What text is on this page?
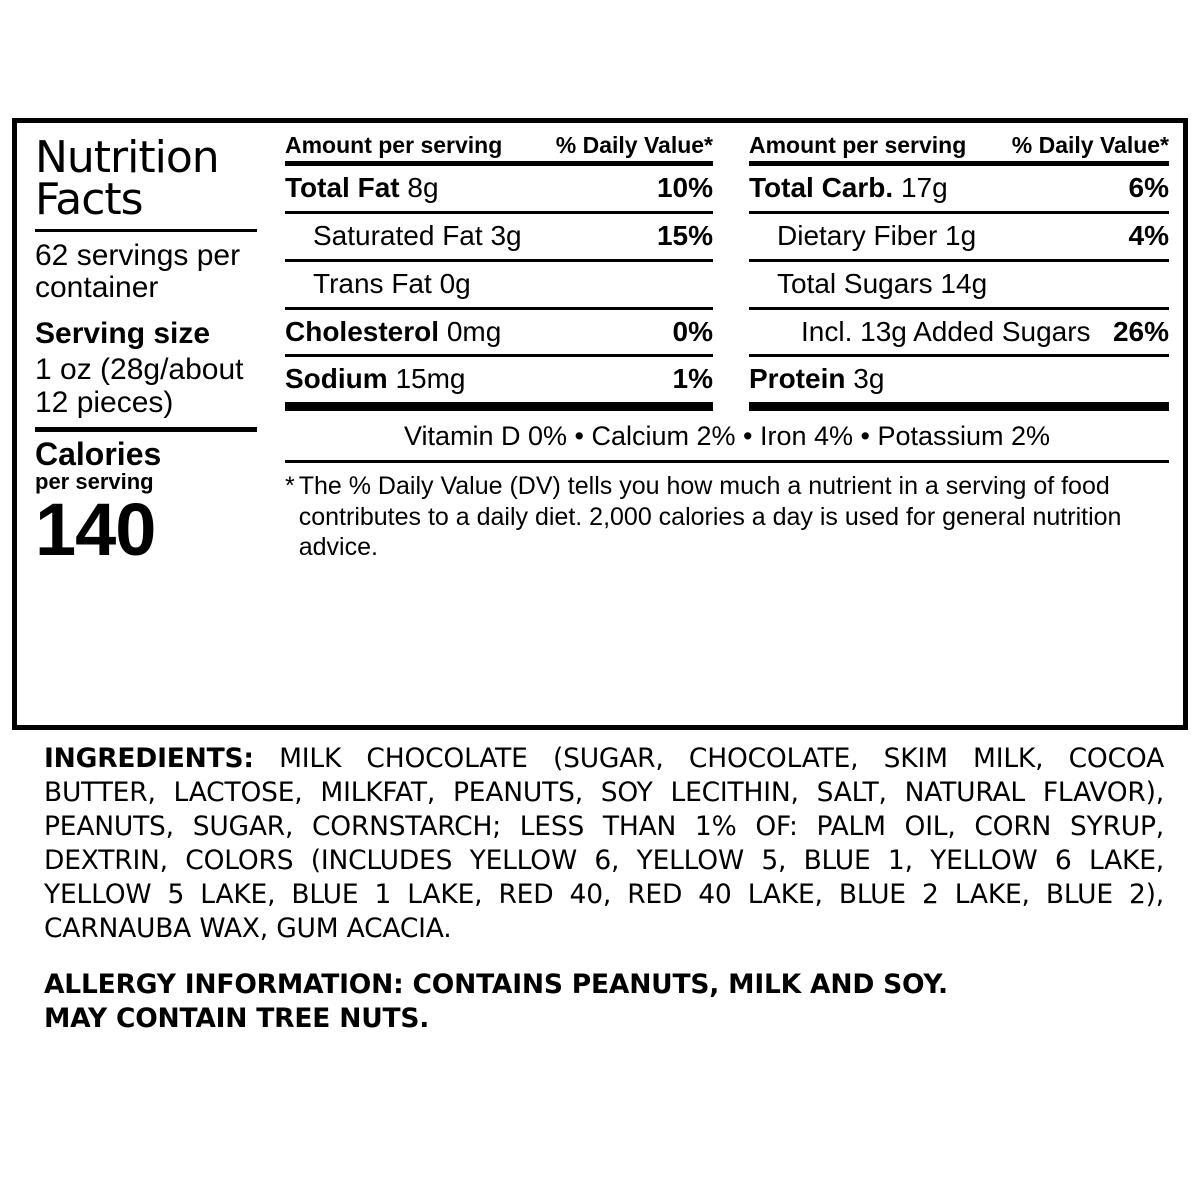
Nutrition
Facts
62 servings per container
Serving size
1 oz (28g/about 12 pieces)
Calories
per serving
140
Amount per serving % Daily Value*
Total Fat 8g	10%
Saturated Fat 3g	15%
Trans Fat 0g
Cholesterol 0mg	0%
Sodium 15mg	1%
Amount per serving % Daily Value*
Total Carb. 17g	6%
Dietary Fiber 1g	4%
Total Sugars 14g
Incl. 13g Added Sugars 26%
Protein 3g
Vitamin D 0% • Calcium 2% • Iron 4% • Potassium 2%
* The % Daily Value (DV) tells you how much a nutrient in a serving of food contributes to a daily diet. 2,000 calories a day is used for general nutrition advice.
INGREDIENTS: MILK CHOCOLATE (SUGAR, CHOCOLATE, SKIM MILK, COCOA BUTTER, LACTOSE, MILKFAT, PEANUTS, SOY LECITHIN, SALT, NATURAL FLAVOR), PEANUTS, SUGAR, CORNSTARCH; LESS THAN 1% OF: PALM OIL, CORN SYRUP, DEXTRIN, COLORS (INCLUDES YELLOW 6, YELLOW 5, BLUE 1, YELLOW 6 LAKE, YELLOW 5 LAKE, BLUE 1 LAKE, RED 40, RED 40 LAKE, BLUE 2 LAKE, BLUE 2), CARNAUBA WAX, GUM ACACIA.
ALLERGY INFORMATION: CONTAINS PEANUTS, MILK AND SOY.
MAY CONTAIN TREE NUTS.
